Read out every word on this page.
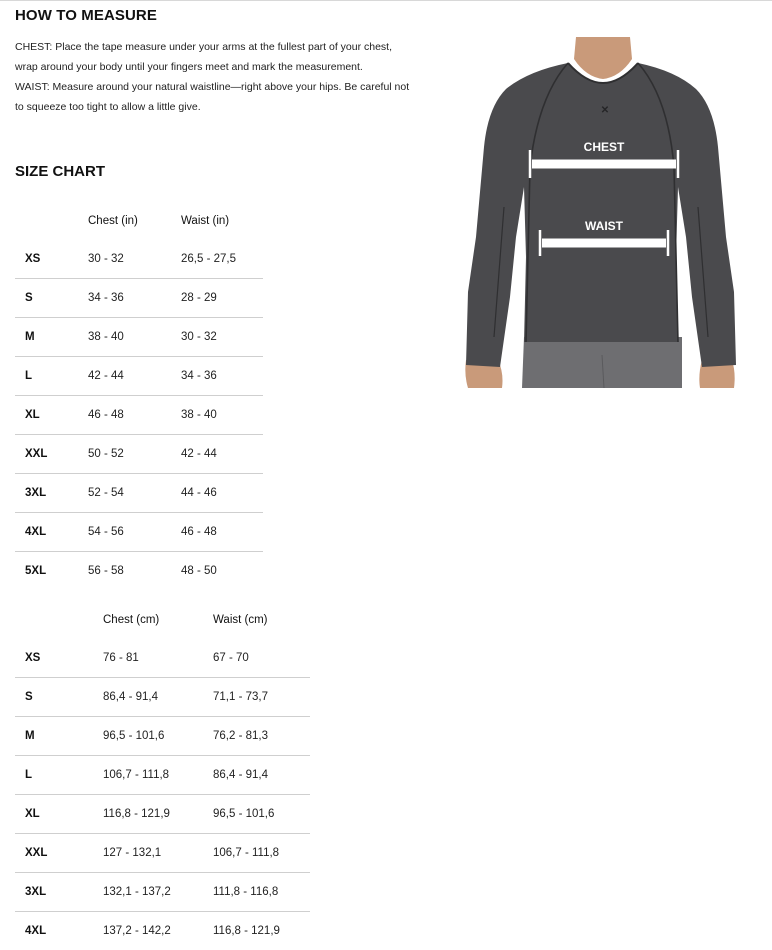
HOW TO MEASURE

CHEST: Place the tape measure under your arms at the fullest part of your chest, wrap around your body until your fingers meet and mark the measurement.

WAIST: Measure around your natural waistline—right above your hips. Be careful not to squeeze too tight to allow a little give.

SIZE CHART
	Chest (in)	Waist (in)
XS	30 - 32	26,5 - 27,5
S	34 - 36	28 - 29
M	38 - 40	30 - 32
L	42 - 44	34 - 36
XL	46 - 48	38 - 40
XXL	50 - 52	42 - 44
3XL	52 - 54	44 - 46
4XL	54 - 56	46 - 48
5XL	56 - 58	48 - 50
	Chest (cm)	Waist (cm)
XS	76 - 81	67 - 70
S	86,4 - 91,4	71,1 - 73,7
M	96,5 - 101,6	76,2 - 81,3
L	106,7 - 111,8	86,4 - 91,4
XL	116,8 - 121,9	96,5 - 101,6
XXL	127 - 132,1	106,7 - 111,8
3XL	132,1 - 137,2	111,8 - 116,8
4XL	137,2 - 142,2	116,8 - 121,9
✕
CHEST
WAIST
